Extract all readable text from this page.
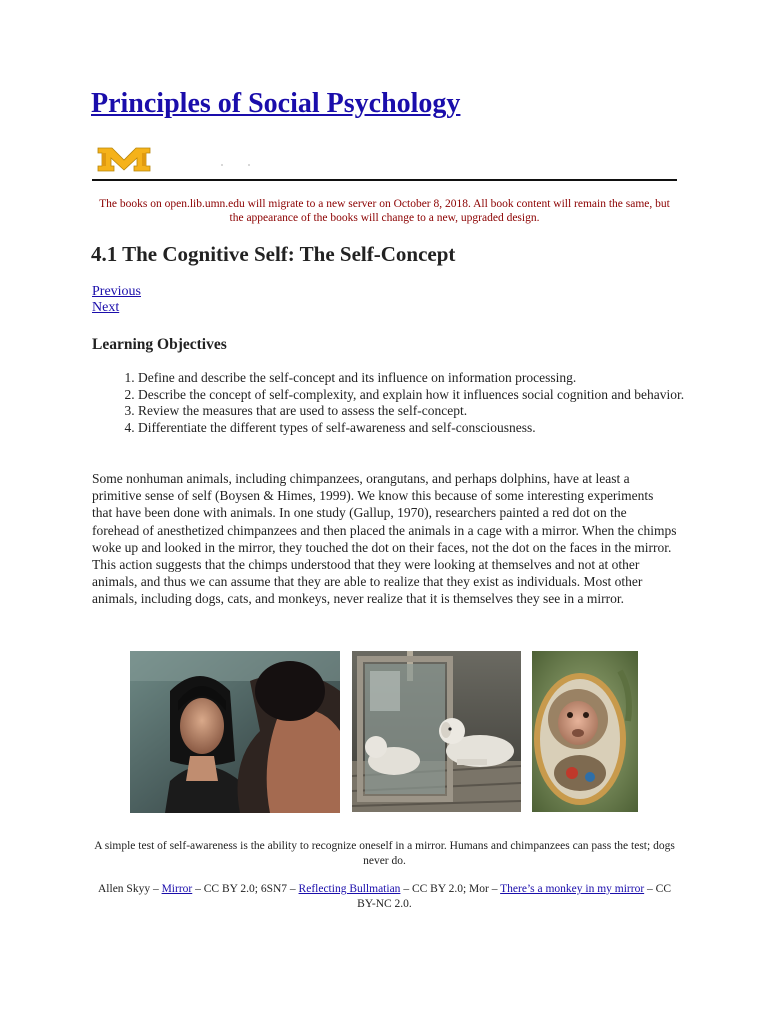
Principles of Social Psychology

The books on open.lib.umn.edu will migrate to a new server on October 8, 2018. All book content will remain the same, but the appearance of the books will change to a new, upgraded design.

4.1 The Cognitive Self: The Self-Concept
Previous
Next
Learning Objectives
1. Define and describe the self-concept and its influence on information processing.
2. Describe the concept of self-complexity, and explain how it influences social cognition and behavior.
3. Review the measures that are used to assess the self-concept.
4. Differentiate the different types of self-awareness and self-consciousness.

Some nonhuman animals, including chimpanzees, orangutans, and perhaps dolphins, have at least a primitive sense of self (Boysen & Himes, 1999). We know this because of some interesting experiments that have been done with animals. In one study (Gallup, 1970), researchers painted a red dot on the forehead of anesthetized chimpanzees and then placed the animals in a cage with a mirror. When the chimps woke up and looked in the mirror, they touched the dot on their faces, not the dot on the faces in the mirror. This action suggests that the chimps understood that they were looking at themselves and not at other animals, and thus we can assume that they are able to realize that they exist as individuals. Most other animals, including dogs, cats, and monkeys, never realize that it is themselves they see in a mirror.

A simple test of self-awareness is the ability to recognize oneself in a mirror. Humans and chimpanzees can pass the test; dogs never do.

Allen Skyy – Mirror – CC BY 2.0; 6SN7 – Reflecting Bullmatian – CC BY 2.0; Mor – There’s a monkey in my mirror – CC BY-NC 2.0.
